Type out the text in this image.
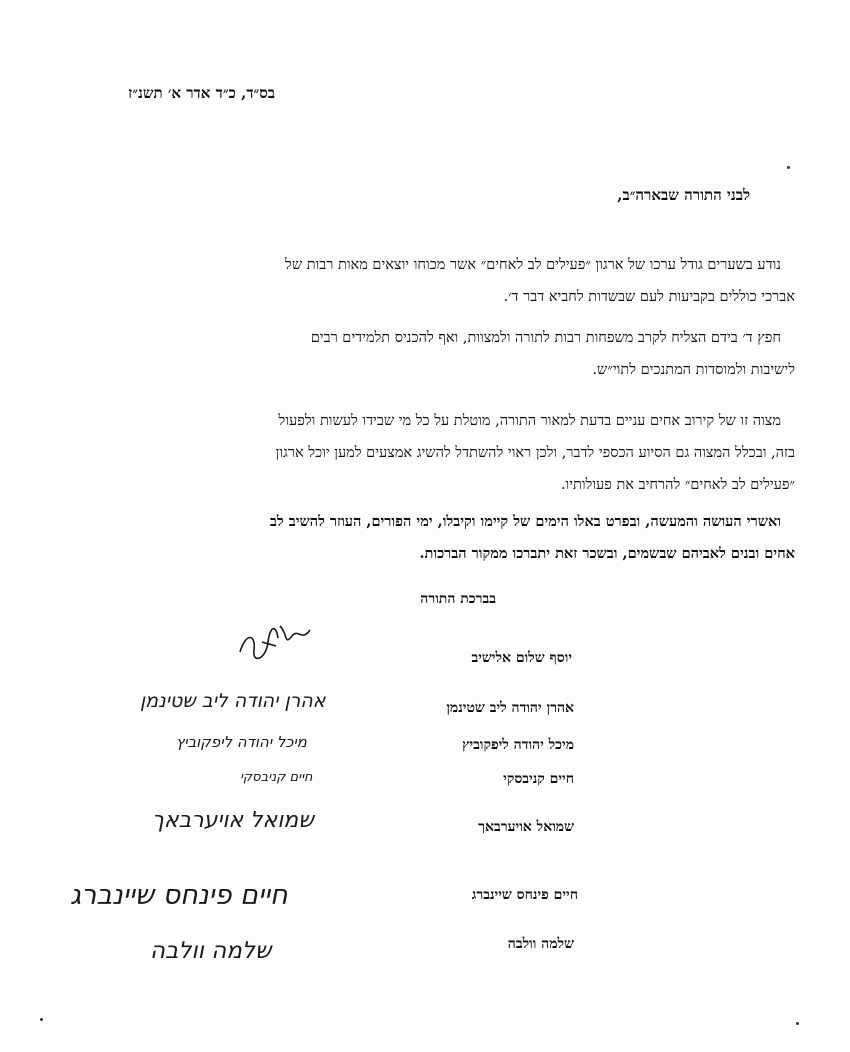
בס״ד, כ״ד אדר א׳ תשנ״ז
לבני התורה שבארה״ב,
נודע בשערים גודל ערכו של ארגון ״פעילים לב לאחים״ אשר מכוחו יוצאים מאות רבות של
אברכי כוללים בקביעות לעם שבשדות לחביא דבר ד׳.
חפץ ד׳ בידם הצליח לקרב משפחות רבות לתורה ולמצוות, ואף להכניס תלמידים רבים
לישיבות ולמוסדות המתנכים לתוי״ש.
מצוה זו של קירוב אחים עניים בדעת למאור התורה, מוטלת על כל מי שבידו לעשות ולפעול
בזה, ובכלל המצוה גם הסיוע הכספי לדבר, ולכן ראוי להשתדל להשיג אמצעים למען יוכל ארגון
״פעילים לב לאחים״ להרחיב את פעולותיו.
ואשרי העושה והמעשה, ובפרט באלו הימים של קיימו וקיבלו, ימי הפורים, העוזר להשיב לב
אחים ובנים לאביהם שבשמים, ובשכר זאת יתברכו ממקור הברכות.
בברכת התורה
יוסף שלום אלישיב
אהרן יהודה ליב שטינמן
מיכל יהודה ליפקוביץ
חיים קניבסקי
שמואל אויערבאך
חיים פינחס שיינברג
שלמה וולבה
אהרן יהודה ליב שטינמן
מיכל יהודה ליפקוביץ
חיים קניבסקי
שמואל אויערבאך
חיים פינחס שיינברג
שלמה וולבה
